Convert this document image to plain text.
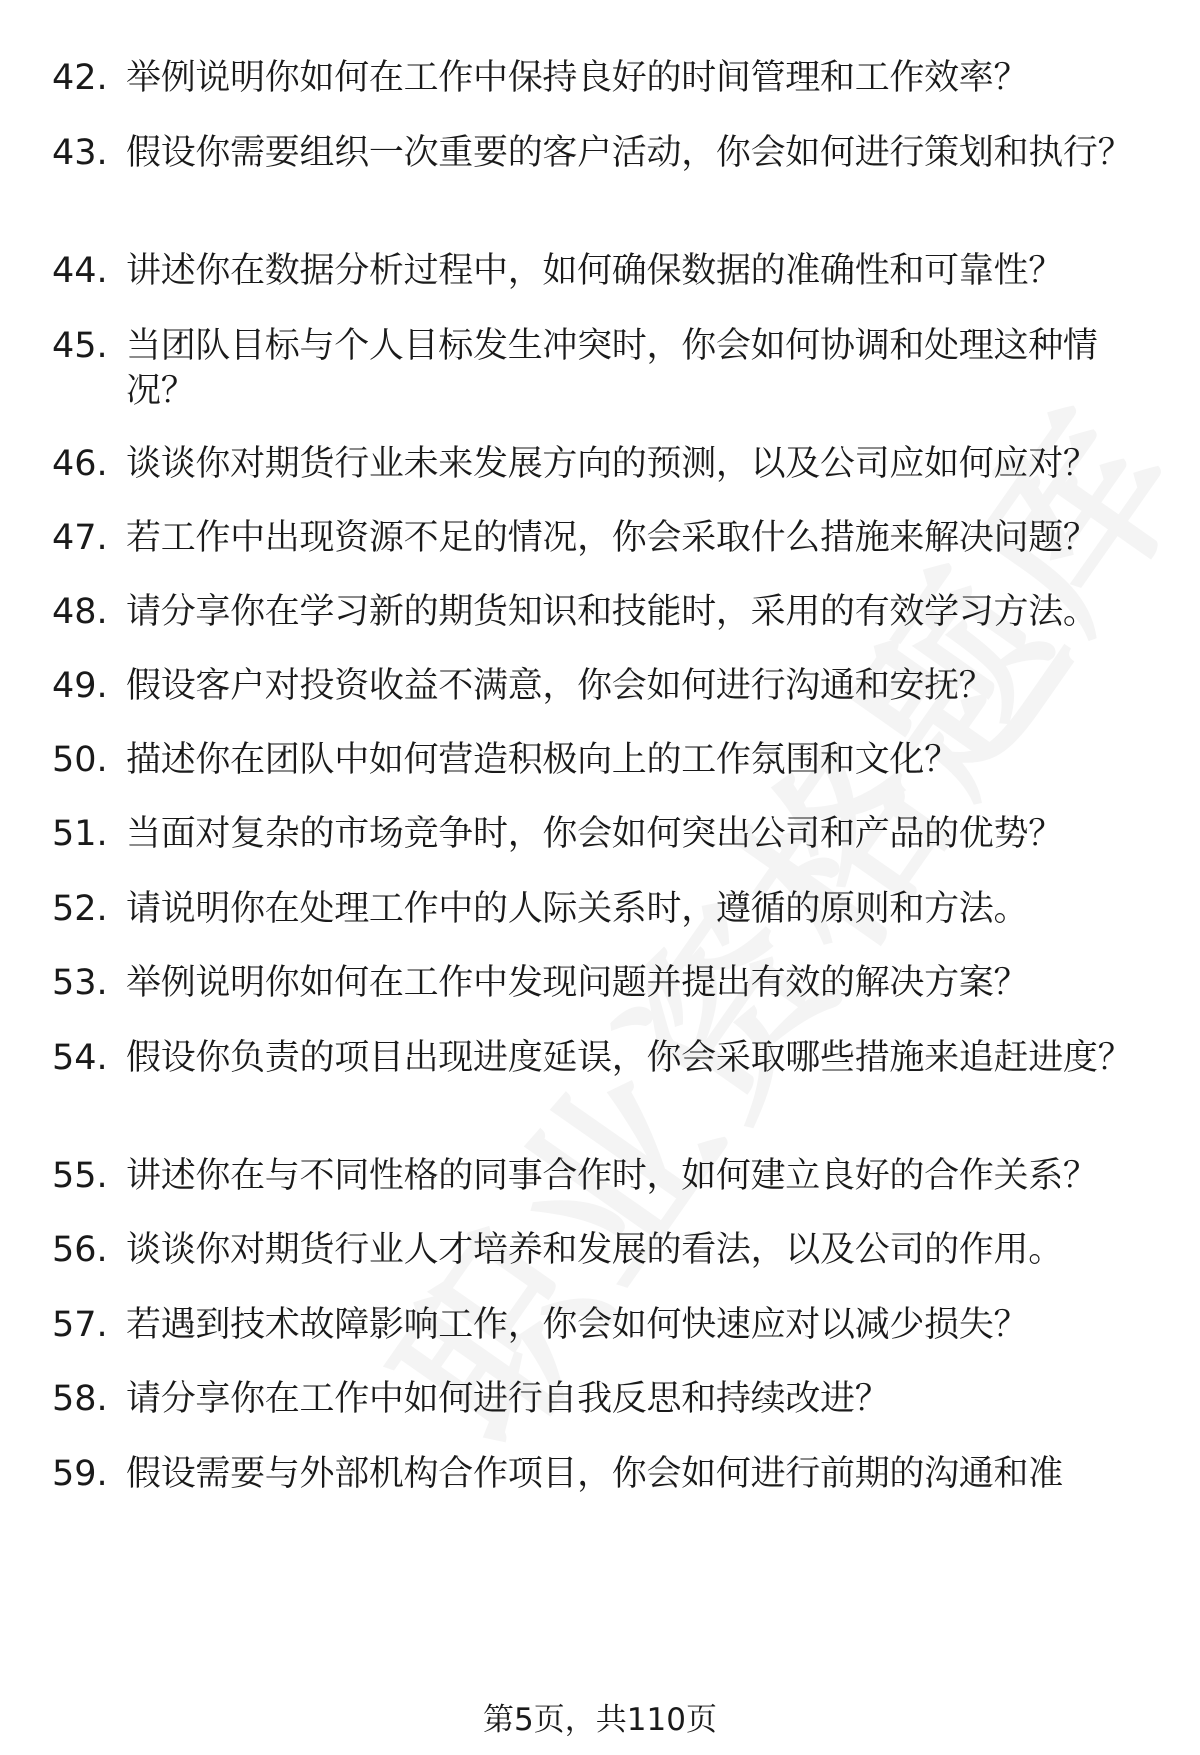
42. 举例说明你如何在工作中保持良好的时间管理和工作效率？
43. 假设你需要组织一次重要的客户活动，你会如何进行策划和执行？
44. 讲述你在数据分析过程中，如何确保数据的准确性和可靠性？
45. 当团队目标与个人目标发生冲突时，你会如何协调和处理这种情况？
46. 谈谈你对期货行业未来发展方向的预测，以及公司应如何应对？
47. 若工作中出现资源不足的情况，你会采取什么措施来解决问题？
48. 请分享你在学习新的期货知识和技能时，采用的有效学习方法。
49. 假设客户对投资收益不满意，你会如何进行沟通和安抚？
50. 描述你在团队中如何营造积极向上的工作氛围和文化？
51. 当面对复杂的市场竞争时，你会如何突出公司和产品的优势？
52. 请说明你在处理工作中的人际关系时，遵循的原则和方法。
53. 举例说明你如何在工作中发现问题并提出有效的解决方案？
54. 假设你负责的项目出现进度延误，你会采取哪些措施来追赶进度？
55. 讲述你在与不同性格的同事合作时，如何建立良好的合作关系？
56. 谈谈你对期货行业人才培养和发展的看法，以及公司的作用。
57. 若遇到技术故障影响工作，你会如何快速应对以减少损失？
58. 请分享你在工作中如何进行自我反思和持续改进？
59. 假设需要与外部机构合作项目，你会如何进行前期的沟通和准
第5页，共110页
